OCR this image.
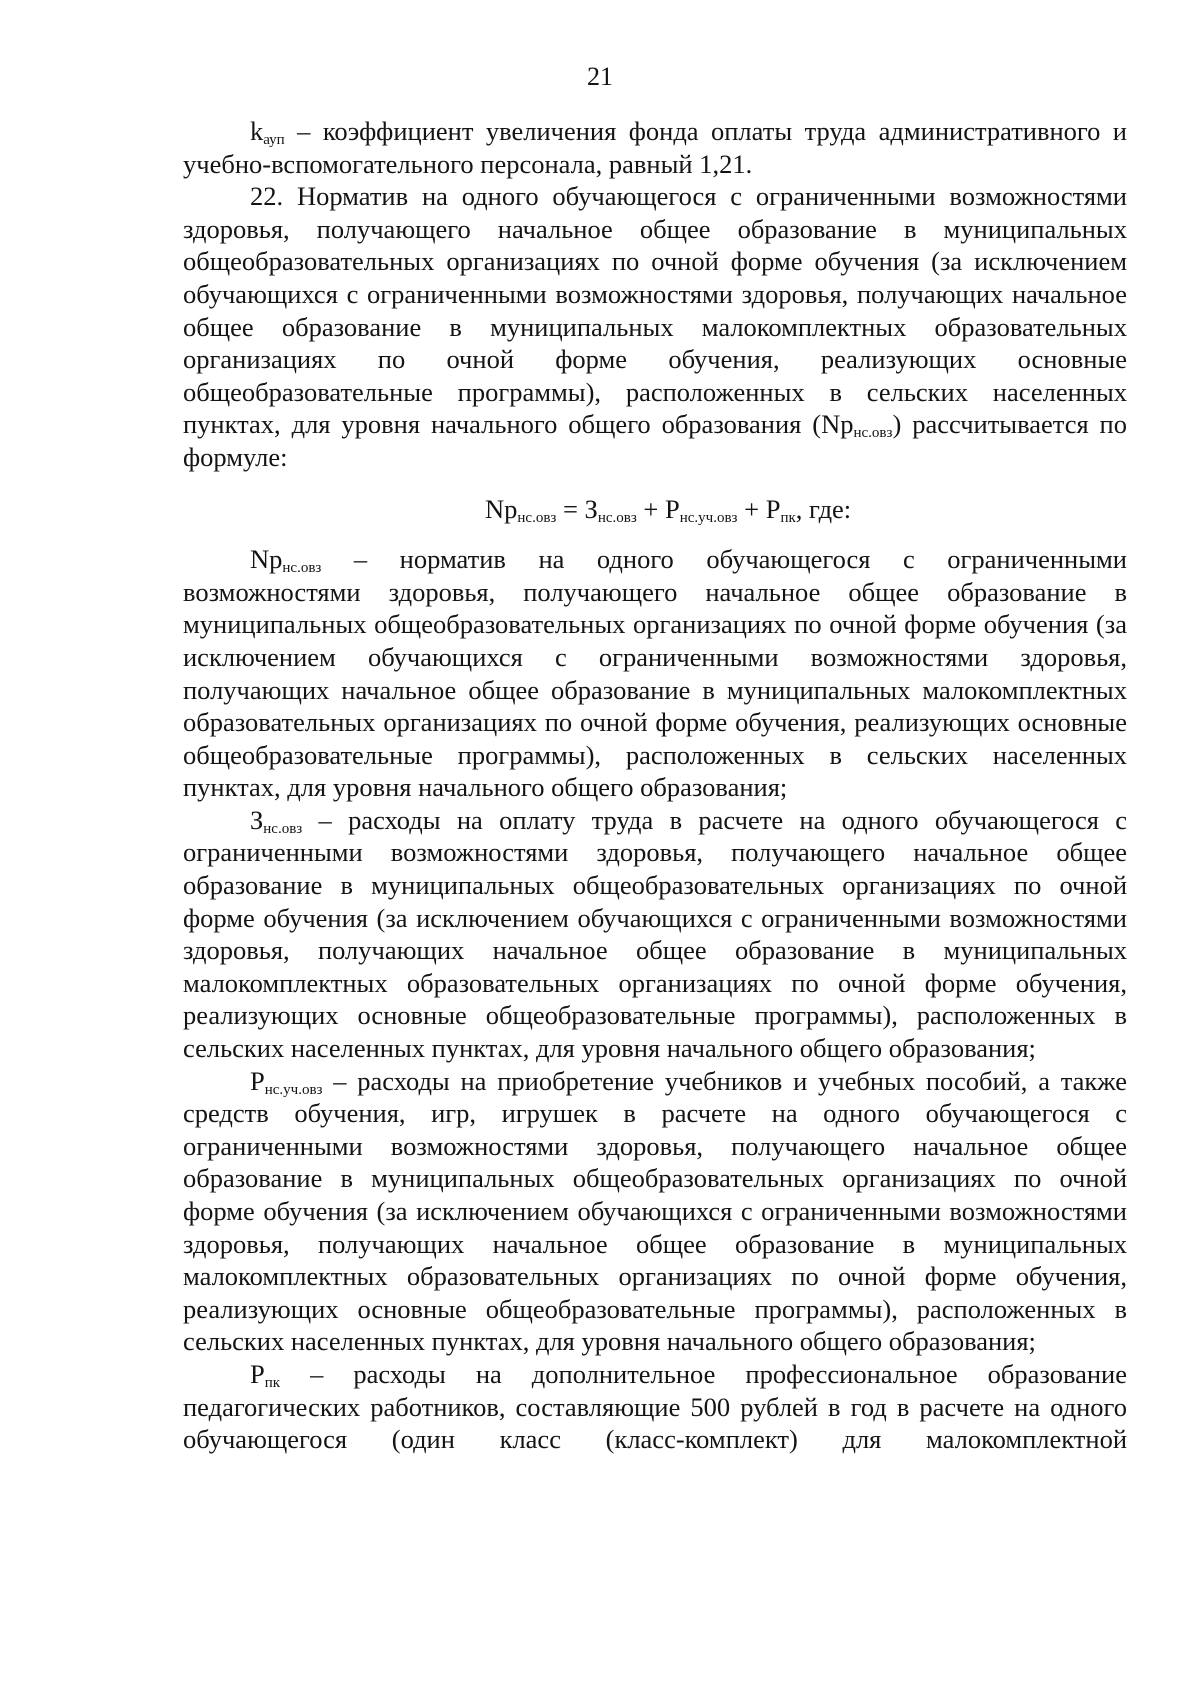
21

$k_{ауп}$ – коэффициент увеличения фонда оплаты труда административного и учебно-вспомогательного персонала, равный 1,21.

22. Норматив на одного обучающегося с ограниченными возможностями здоровья, получающего начальное общее образование в муниципальных общеобразовательных организациях по очной форме обучения (за исключением обучающихся с ограниченными возможностями здоровья, получающих начальное общее образование в муниципальных малокомплектных образовательных организациях по очной форме обучения, реализующих основные общеобразовательные программы), расположенных в сельских населенных пунктах, для уровня начального общего образования $(Np_{нс.овз})$ рассчитывается по формуле:

$Np_{нс.овз} = З_{нс.овз} + Р_{нс.уч.овз} + Р_{пк}$, где:

$Np_{нс.овз}$ – норматив на одного обучающегося с ограниченными возможностями здоровья, получающего начальное общее образование в муниципальных общеобразовательных организациях по очной форме обучения (за исключением обучающихся с ограниченными возможностями здоровья, получающих начальное общее образование в муниципальных малокомплектных образовательных организациях по очной форме обучения, реализующих основные общеобразовательные программы), расположенных в сельских населенных пунктах, для уровня начального общего образования;

$З_{нс.овз}$ – расходы на оплату труда в расчете на одного обучающегося с ограниченными возможностями здоровья, получающего начальное общее образование в муниципальных общеобразовательных организациях по очной форме обучения (за исключением обучающихся с ограниченными возможностями здоровья, получающих начальное общее образование в муниципальных малокомплектных образовательных организациях по очной форме обучения, реализующих основные общеобразовательные программы), расположенных в сельских населенных пунктах, для уровня начального общего образования;

$Р_{нс.уч.овз}$ – расходы на приобретение учебников и учебных пособий, а также средств обучения, игр, игрушек в расчете на одного обучающегося с ограниченными возможностями здоровья, получающего начальное общее образование в муниципальных общеобразовательных организациях по очной форме обучения (за исключением обучающихся с ограниченными возможностями здоровья, получающих начальное общее образование в муниципальных малокомплектных образовательных организациях по очной форме обучения, реализующих основные общеобразовательные программы), расположенных в сельских населенных пунктах, для уровня начального общего образования;

$Р_{пк}$ – расходы на дополнительное профессиональное образование педагогических работников, составляющие 500 рублей в год в расчете на одного обучающегося (один класс (класс-комплект) для малокомплектной
